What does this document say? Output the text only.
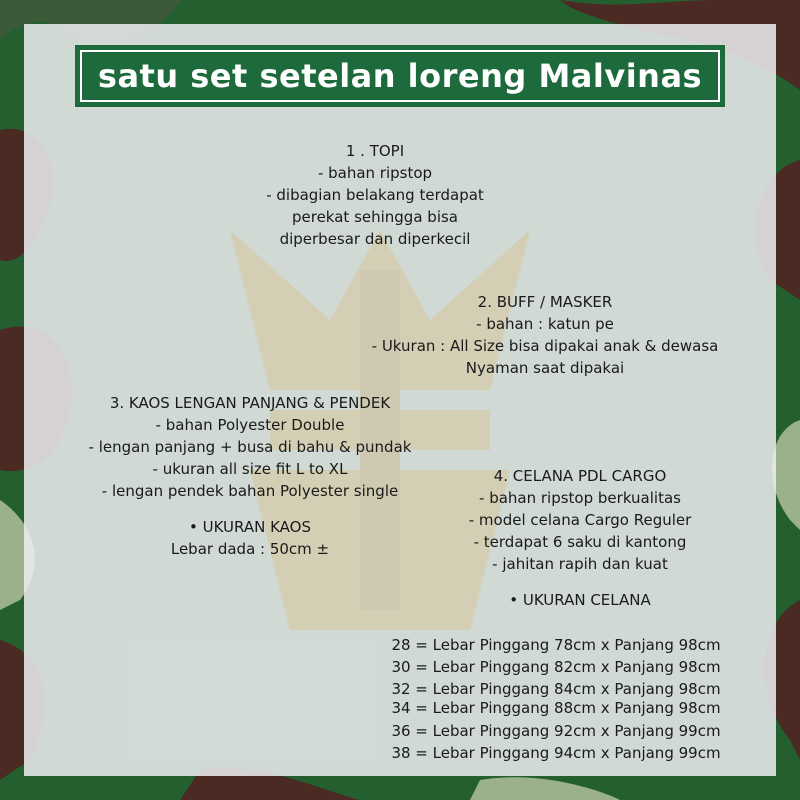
satu set setelan loreng Malvinas
1 . TOPI
- bahan ripstop
- dibagian belakang terdapat
perekat sehingga bisa
diperbesar dan diperkecil
2. BUFF / MASKER
- bahan : katun pe
- Ukuran : All Size bisa dipakai anak & dewasa
Nyaman saat dipakai
3. KAOS LENGAN PANJANG & PENDEK
- bahan Polyester Double
- lengan panjang + busa di bahu & pundak
- ukuran all size fit L to XL
- lengan pendek bahan Polyester single
• UKURAN KAOS
Lebar dada : 50cm ±
4. CELANA PDL CARGO
- bahan ripstop berkualitas
- model celana Cargo Reguler
- terdapat 6 saku di kantong
- jahitan rapih dan kuat
• UKURAN CELANA
28 = Lebar Pinggang 78cm x Panjang 98cm
30 = Lebar Pinggang 82cm x Panjang 98cm
32 = Lebar Pinggang 84cm x Panjang 98cm
34 = Lebar Pinggang 88cm x Panjang 98cm
36 = Lebar Pinggang 92cm x Panjang 99cm
38 = Lebar Pinggang 94cm x Panjang 99cm
